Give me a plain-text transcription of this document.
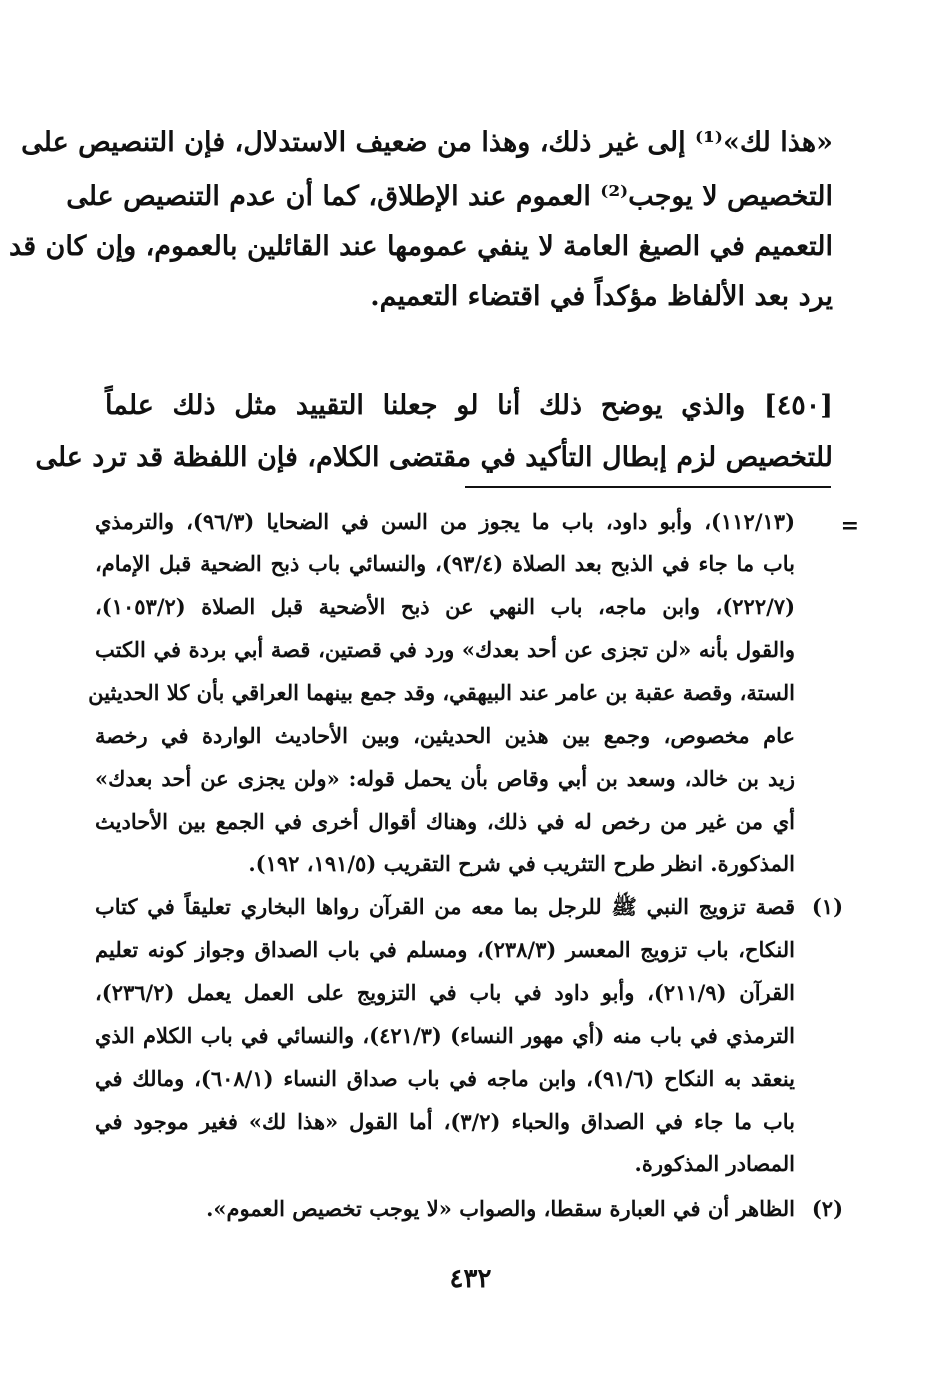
«هذا لك»⁽¹⁾ إلى غير ذلك، وهذا من ضعيف الاستدلال، فإن التنصيص على
التخصيص لا يوجب⁽²⁾ العموم عند الإطلاق، كما أن عدم التنصيص على
التعميم في الصيغ العامة لا ينفي عمومها عند القائلين بالعموم، وإن كان قد
يرد بعد الألفاظ مؤكداً في اقتضاء التعميم.
[٤٥٠] والذي يوضح ذلك أنا لو جعلنا التقييد مثل ذلك علماً
للتخصيص لزم إبطال التأكيد في مقتضى الكلام، فإن اللفظة قد ترد على
=
(١١٢/١٣)، وأبو داود، باب ما يجوز من السن في الضحايا (٩٦/٣)، والترمذي
باب ما جاء في الذبح بعد الصلاة (٩٣/٤)، والنسائي باب ذبح الضحية قبل الإمام،
(٢٢٢/٧)، وابن ماجه، باب النهي عن ذبح الأضحية قبل الصلاة (١٠٥٣/٢)،
والقول بأنه «لن تجزى عن أحد بعدك» ورد في قصتين، قصة أبي بردة في الكتب
الستة، وقصة عقبة بن عامر عند البيهقي، وقد جمع بينهما العراقي بأن كلا الحديثين
عام مخصوص، وجمع بين هذين الحديثين، وبين الأحاديث الواردة في رخصة
زيد بن خالد، وسعد بن أبي وقاص بأن يحمل قوله: «ولن يجزى عن أحد بعدك»
أي من غير من رخص له في ذلك، وهناك أقوال أخرى في الجمع بين الأحاديث
المذكورة. انظر طرح التثريب في شرح التقريب (١٩١/٥، ١٩٢).
(١)
قصة تزويج النبي ﷺ للرجل بما معه من القرآن رواها البخاري تعليقاً في كتاب
النكاح، باب تزويج المعسر (٢٣٨/٣)، ومسلم في باب الصداق وجواز كونه تعليم
القرآن (٢١١/٩)، وأبو داود في باب في التزويج على العمل يعمل (٢٣٦/٢)،
الترمذي في باب منه (أي مهور النساء) (٤٢١/٣)، والنسائي في باب الكلام الذي
ينعقد به النكاح (٩١/٦)، وابن ماجه في باب صداق النساء (٦٠٨/١)، ومالك في
باب ما جاء في الصداق والحباء (٣/٢)، أما القول «هذا لك» فغير موجود في
المصادر المذكورة.
(٢)
الظاهر أن في العبارة سقطا، والصواب «لا يوجب تخصيص العموم».
٤٣٢
